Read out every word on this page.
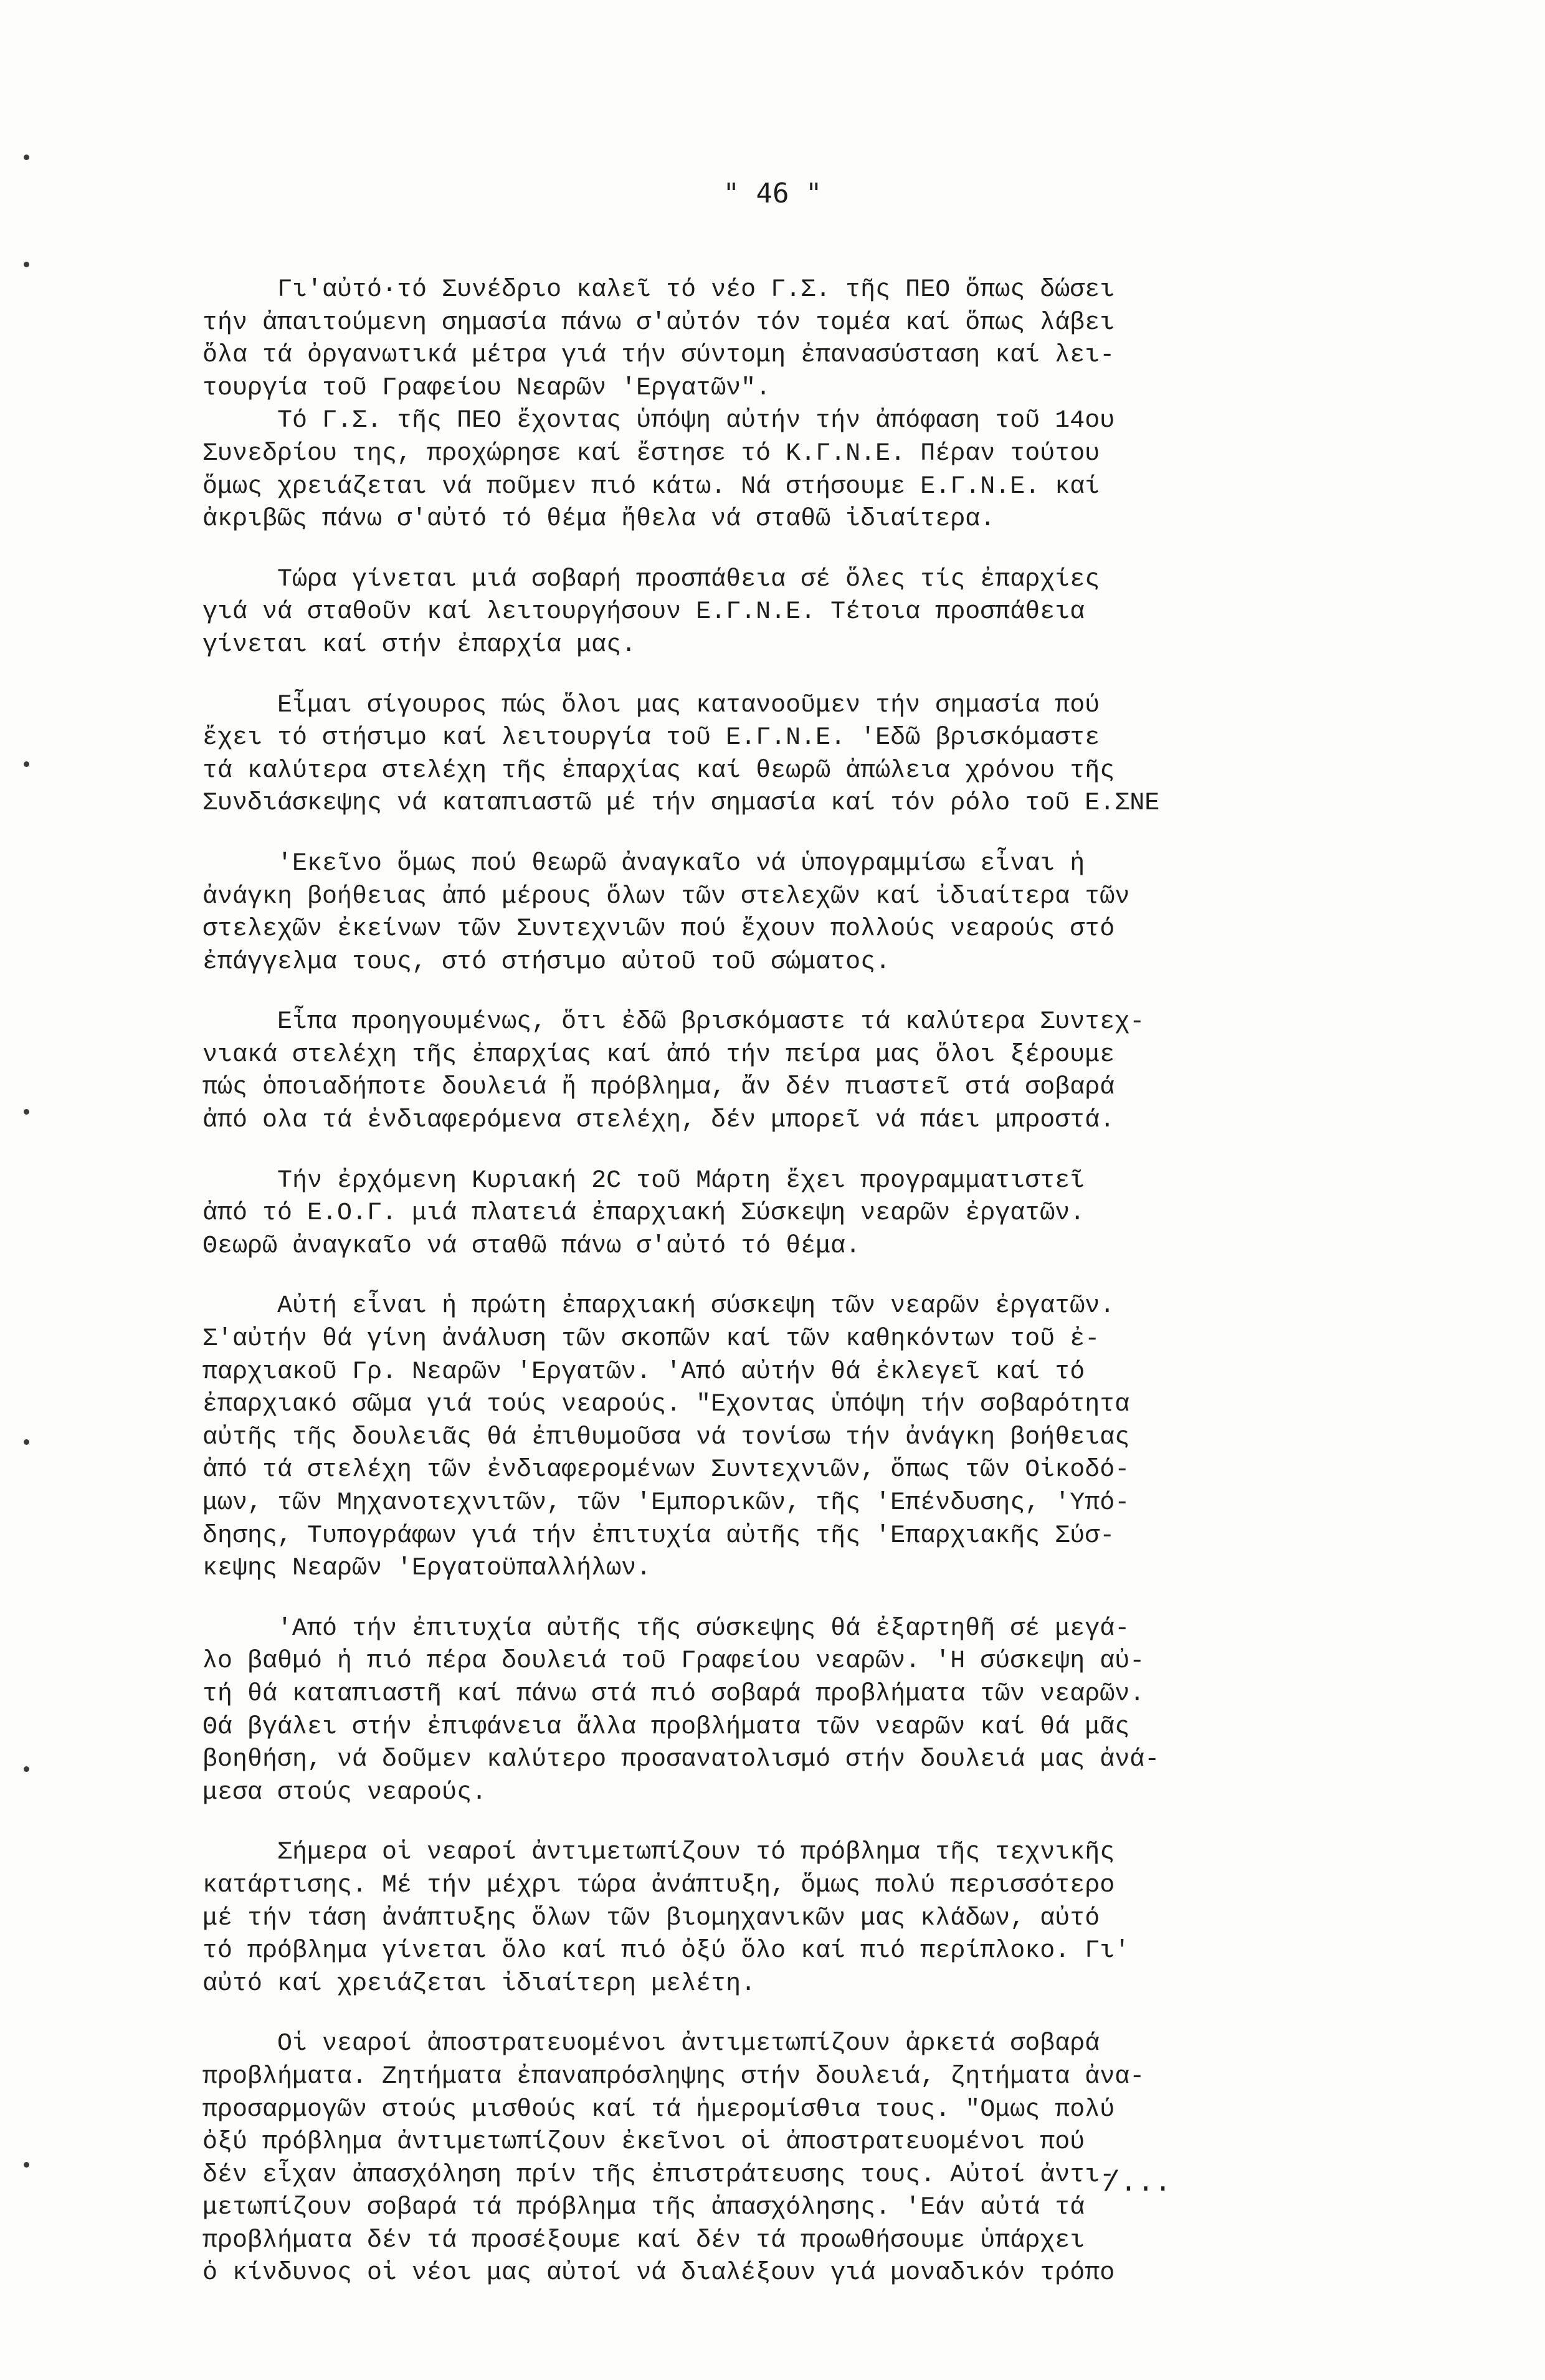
" 46 "

Γι'αὐτό·τό Συνέδριο καλεῖ τό νέο Γ.Σ. τῆς ΠΕΟ ὅπως δώσει
τήν ἀπαιτούμενη σημασία πάνω σ'αὐτόν τόν τομέα καί ὅπως λάβει
ὅλα τά ὀργανωτικά μέτρα γιά τήν σύντομη ἐπανασύσταση καί λει-
τουργία τοῦ Γραφείου Νεαρῶν 'Εργατῶν".
Τό Γ.Σ. τῆς ΠΕΟ ἔχοντας ὑπόψη αὐτήν τήν ἀπόφαση τοῦ 14ου
Συνεδρίου της, προχώρησε καί ἔστησε τό Κ.Γ.Ν.Ε. Πέραν τούτου
ὅμως χρειάζεται νά ποῦμεν πιό κάτω. Νά στήσουμε Ε.Γ.Ν.Ε. καί
ἀκριβῶς πάνω σ'αὐτό τό θέμα ἤθελα νά σταθῶ ἰδιαίτερα.

Τώρα γίνεται μιά σοβαρή προσπάθεια σέ ὅλες τίς ἐπαρχίες
γιά νά σταθοῦν καί λειτουργήσουν Ε.Γ.Ν.Ε. Τέτοια προσπάθεια
γίνεται καί στήν ἐπαρχία μας.

Εἶμαι σίγουρος πώς ὅλοι μας κατανοοῦμεν τήν σημασία πού
ἔχει τό στήσιμο καί λειτουργία τοῦ Ε.Γ.Ν.Ε. 'Εδῶ βρισκόμαστε
τά καλύτερα στελέχη τῆς ἐπαρχίας καί θεωρῶ ἀπώλεια χρόνου τῆς
Συνδιάσκεψης νά καταπιαστῶ μέ τήν σημασία καί τόν ρόλο τοῦ Ε.ΣΝΕ

'Εκεῖνο ὅμως πού θεωρῶ ἀναγκαῖο νά ὑπογραμμίσω εἶναι ἡ
ἀνάγκη βοήθειας ἀπό μέρους ὅλων τῶν στελεχῶν καί ἰδιαίτερα τῶν
στελεχῶν ἐκείνων τῶν Συντεχνιῶν πού ἔχουν πολλούς νεαρούς στό
ἐπάγγελμα τους, στό στήσιμο αὐτοῦ τοῦ σώματος.

Εἶπα προηγουμένως, ὅτι ἐδῶ βρισκόμαστε τά καλύτερα Συντεχ-
νιακά στελέχη τῆς ἐπαρχίας καί ἀπό τήν πείρα μας ὅλοι ξέρουμε
πώς ὁποιαδήποτε δουλειά ἤ πρόβλημα, ἄν δέν πιαστεῖ στά σοβαρά
ἀπό ολα τά ἐνδιαφερόμενα στελέχη, δέν μπορεῖ νά πάει μπροστά.

Τήν ἐρχόμενη Κυριακή 2C τοῦ Μάρτη ἔχει προγραμματιστεῖ
ἀπό τό Ε.Ο.Γ. μιά πλατειά ἐπαρχιακή Σύσκεψη νεαρῶν ἐργατῶν.
Θεωρῶ ἀναγκαῖο νά σταθῶ πάνω σ'αὐτό τό θέμα.

Αὐτή εἶναι ἡ πρώτη ἐπαρχιακή σύσκεψη τῶν νεαρῶν ἐργατῶν.
Σ'αὐτήν θά γίνη ἀνάλυση τῶν σκοπῶν καί τῶν καθηκόντων τοῦ ἐ-
παρχιακοῦ Γρ. Νεαρῶν 'Εργατῶν. 'Από αὐτήν θά ἐκλεγεῖ καί τό
ἐπαρχιακό σῶμα γιά τούς νεαρούς. "Εχοντας ὑπόψη τήν σοβαρότητα
αὐτῆς τῆς δουλειᾶς θά ἐπιθυμοῦσα νά τονίσω τήν ἀνάγκη βοήθειας
ἀπό τά στελέχη τῶν ἐνδιαφερομένων Συντεχνιῶν, ὅπως τῶν Οἰκοδό-
μων, τῶν Μηχανοτεχνιτῶν, τῶν 'Εμπορικῶν, τῆς 'Επένδυσης, 'Υπό-
δησης, Τυπογράφων γιά τήν ἐπιτυχία αὐτῆς τῆς 'Επαρχιακῆς Σύσ-
κεψης Νεαρῶν 'Εργατοϋπαλλήλων.

'Από τήν ἐπιτυχία αὐτῆς τῆς σύσκεψης θά ἐξαρτηθῆ σέ μεγά-
λο βαθμό ἡ πιό πέρα δουλειά τοῦ Γραφείου νεαρῶν. 'Η σύσκεψη αὐ-
τή θά καταπιαστῆ καί πάνω στά πιό σοβαρά προβλήματα τῶν νεαρῶν.
Θά βγάλει στήν ἐπιφάνεια ἄλλα προβλήματα τῶν νεαρῶν καί θά μᾶς
βοηθήση, νά δοῦμεν καλύτερο προσανατολισμό στήν δουλειά μας ἀνά-
μεσα στούς νεαρούς.

Σήμερα οἱ νεαροί ἀντιμετωπίζουν τό πρόβλημα τῆς τεχνικῆς
κατάρτισης. Μέ τήν μέχρι τώρα ἀνάπτυξη, ὅμως πολύ περισσότερο
μέ τήν τάση ἀνάπτυξης ὅλων τῶν βιομηχανικῶν μας κλάδων, αὐτό
τό πρόβλημα γίνεται ὅλο καί πιό ὀξύ ὅλο καί πιό περίπλοκο. Γι'
αὐτό καί χρειάζεται ἰδιαίτερη μελέτη.

Οἱ νεαροί ἀποστρατευομένοι ἀντιμετωπίζουν ἀρκετά σοβαρά
προβλήματα. Ζητήματα ἐπαναπρόσληψης στήν δουλειά, ζητήματα ἀνα-
προσαρμογῶν στούς μισθούς καί τά ἡμερομίσθια τους. "Ομως πολύ
ὀξύ πρόβλημα ἀντιμετωπίζουν ἐκεῖνοι οἱ ἀποστρατευομένοι πού
δέν εἶχαν ἀπασχόληση πρίν τῆς ἐπιστράτευσης τους. Αὐτοί ἀντι-
μετωπίζουν σοβαρά τά πρόβλημα τῆς ἀπασχόλησης. 'Εάν αὐτά τά
προβλήματα δέν τά προσέξουμε καί δέν τά προωθήσουμε ὑπάρχει
ὁ κίνδυνος οἱ νέοι μας αὐτοί νά διαλέξουν γιά μοναδικόν τρόπο

/...
